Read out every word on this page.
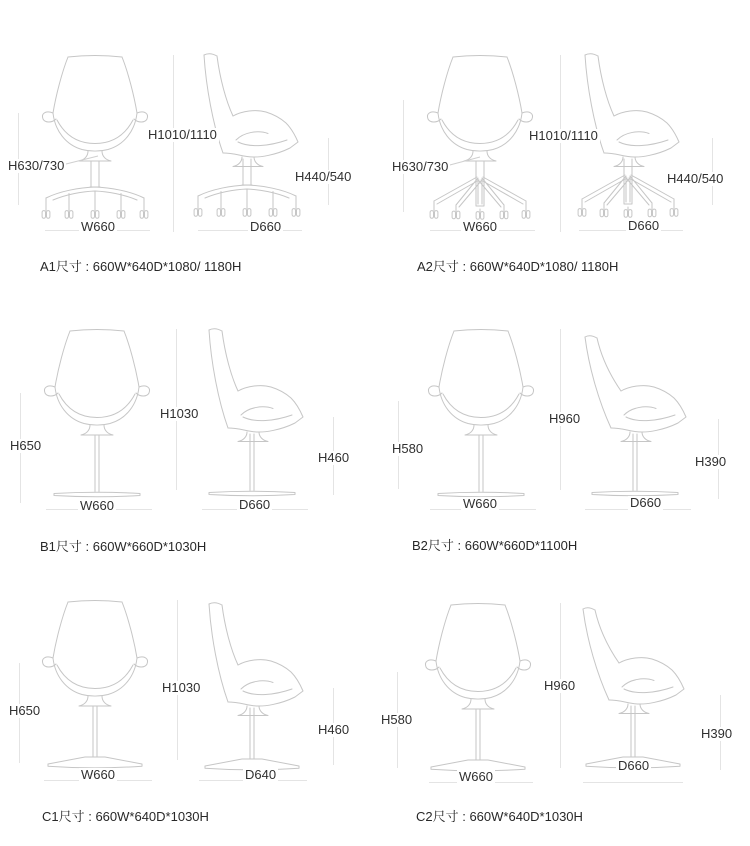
H1010/1110
H630/730
H440/540
W660	D660

A1尺寸 : 660W*640D*1080/ 1180H

H1010/1110
H630/730
H440/540
W660	D660

A2尺寸 : 660W*640D*1080/ 1180H

H1030
H650
H460
W660	D660

B1尺寸 : 660W*660D*1030H

H960
H580
H390
W660	D660

B2尺寸 : 660W*660D*1100H

H1030
H650
H460
W660	D640

C1尺寸 : 660W*640D*1030H

H960
H580
H390
W660
D660

C2尺寸 : 660W*640D*1030H
